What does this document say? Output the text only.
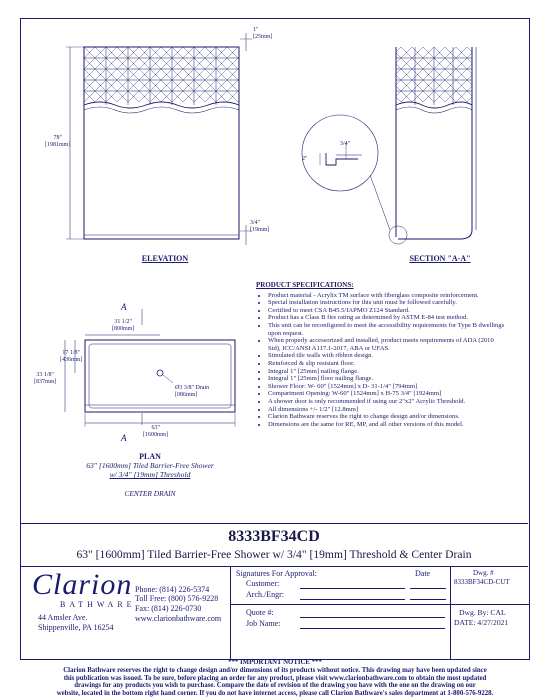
1"
[25mm]
78"
[1981mm]
3/4"
[19mm]
ELEVATION
3/4"
2"
SECTION "A-A"
A
A
31 1/2"
[800mm]
17 1/8"
[436mm]
33 1/8"
[837mm]
Ø3 3/8" Drain
[086mm]
63"
[1600mm]
PLAN
63" [1600mm] Tiled Barrier-Free Shower
w/ 3/4" [19mm] Threshold
CENTER DRAIN
PRODUCT SPECIFICATIONS:
• Product material - Acrylix TM surface with fiberglass composite reinforcement.
• Special installation instructions for this unit must be followed carefully.
• Certified to meet CSA B45.5/IAPMO Z124 Standard.
• Product has a Class B fire rating as determined by ASTM E-84 test method.
• This unit can be reconfigured to meet the accessibility requirements for Type B dwellings upon request.
• When properly accessorized and installed, product meets requirements of ADA (2010 Std), ICC/ANSI A117.1-2017, ABA or UFAS.
• Simulated tile walls with ribbon design.
• Reinforced & slip resistant floor.
• Integral 1" [25mm] nailing flange.
• Integral 1" [25mm] floor nailing flange.
• Shower Floor: W- 60" [1524mm] x D- 31-1/4" [794mm]
• Compartment Opening: W-60" [1524mm] x H-75 3/4" [1924mm]
• A shower door is only recommended if using our 2"x2" Acrylic Threshold.
• All dimensions +/- 1/2" [12.8mm]
• Clarion Bathware reserves the right to change design and/or dimensions.
• Dimensions are the same for RE, MP, and all other versions of this model.
8333BF34CD
63" [1600mm] Tiled Barrier-Free Shower w/ 3/4" [19mm] Threshold & Center Drain
Clarion
BATHWARE
44 Amsler Ave.
Shippenville, PA 16254
Phone: (814) 226-5374
Toll Free: (800) 576-9228
Fax: (814) 226-0730
www.clarionbathware.com
Signatures For Approval:	Date
Customer:
Arch./Engr:
Quote #:
Job Name:
Dwg. #
8333BF34CD-CUT
Dwg. By: CAL
DATE: 4/27/2021
*** IMPORTANT NOTICE ***
Clarion Bathware reserves the right to change design and/or dimensions of its products without notice. This drawing may have been updated since
this publication was issued. To be sure, before placing an order for any product, please visit www.clarionbathware.com to obtain the most updated
drawings for any products you wish to purchase. Compare the date of revision of the drawing you have with the one on the drawing on our
website, located in the bottom right hand corner. If you do not have internet access, please call Clarion Bathware's sales department at 1-800-576-9228.
